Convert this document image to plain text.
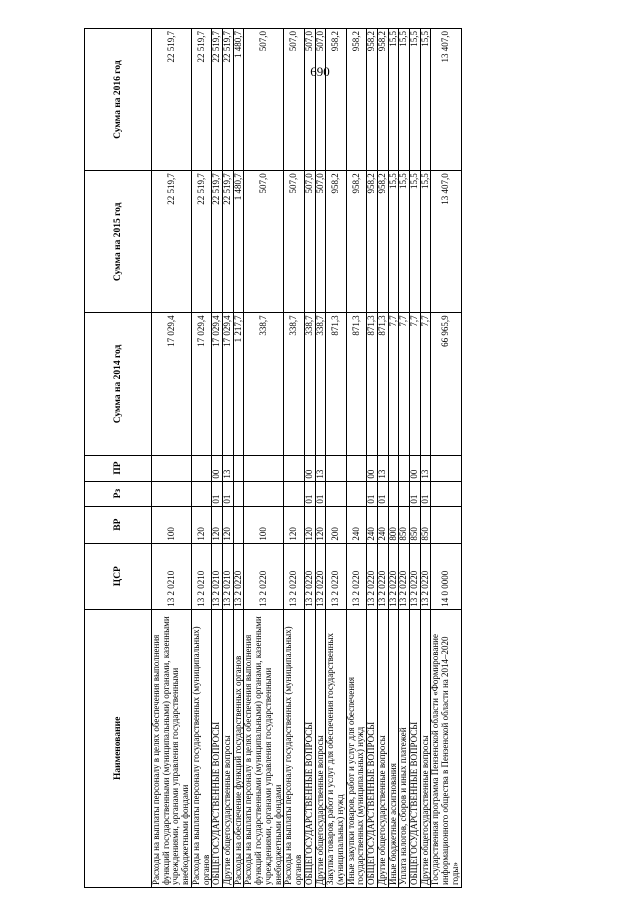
690
Наименование	ЦСР	ВР	Рз	ПР	Сумма на 2014 год	Сумма на 2015 год	Сумма на 2016 год
Расходы на выплаты персоналу в целях обеспечения выполнения функций государственными (муниципальными) органами, казенными учреждениями, органами управления государственными внебюджетными фондами	13 2 0210	100			17 029,4	22 519,7	22 519,7
Расходы на выплаты персоналу государственных (муниципальных) органов	13 2 0210	120			17 029,4	22 519,7	22 519,7
ОБЩЕГОСУДАРСТВЕННЫЕ ВОПРОСЫ	13 2 0210	120	01	00	17 029,4	22 519,7	22 519,7
Другие общегосударственные вопросы	13 2 0210	120	01	13	17 029,4	22 519,7	22 519,7
Расходы на обеспечение функций государственных органов	13 2 0220				1 217,7	1 480,7	1 480,7
Расходы на выплаты персоналу в целях обеспечения выполнения функций государственными (муниципальными) органами, казенными учреждениями, органами управления государственными внебюджетными фондами	13 2 0220	100			338,7	507,0	507,0
Расходы на выплаты персоналу государственных (муниципальных) органов	13 2 0220	120			338,7	507,0	507,0
ОБЩЕГОСУДАРСТВЕННЫЕ ВОПРОСЫ	13 2 0220	120	01	00	338,7	507,0	507,0
Другие общегосударственные вопросы	13 2 0220	120	01	13	338,7	507,0	507,0
Закупка товаров, работ и услуг для обеспечения государственных (муниципальных) нужд	13 2 0220	200			871,3	958,2	958,2
Иные закупки товаров, работ и услуг для обеспечения государственных (муниципальных) нужд	13 2 0220	240			871,3	958,2	958,2
ОБЩЕГОСУДАРСТВЕННЫЕ ВОПРОСЫ	13 2 0220	240	01	00	871,3	958,2	958,2
Другие общегосударственные вопросы	13 2 0220	240	01	13	871,3	958,2	958,2
Иные бюджетные ассигнования	13 2 0220	800			7,7	15,5	15,5
Уплата налогов, сборов и иных платежей	13 2 0220	850			7,7	15,5	15,5
ОБЩЕГОСУДАРСТВЕННЫЕ ВОПРОСЫ	13 2 0220	850	01	00	7,7	15,5	15,5
Другие общегосударственные вопросы	13 2 0220	850	01	13	7,7	15,5	15,5
Государственная программа Пензенской области «Формирование информационного общества в Пензенской области на 2014–2020 годы»	14 0 0000				66 965,9	13 407,0	13 407,0
